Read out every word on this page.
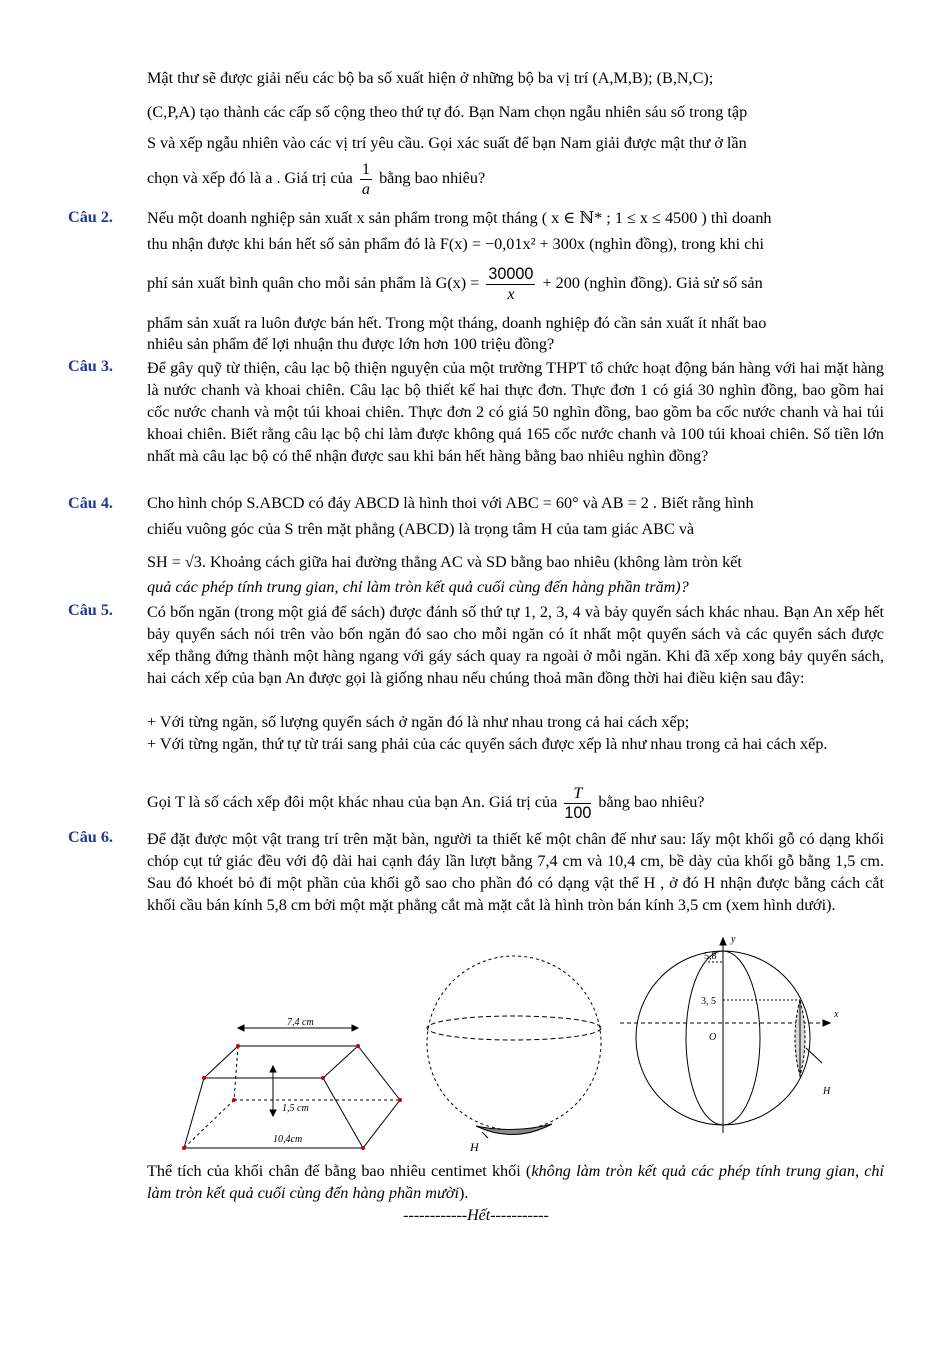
Mật thư sẽ được giải nếu các bộ ba số xuất hiện ở những bộ ba vị trí (A,M,B); (B,N,C);
(C,P,A) tạo thành các cấp số cộng theo thứ tự đó. Bạn Nam chọn ngẫu nhiên sáu số trong tập
S và xếp ngẫu nhiên vào các vị trí yêu cầu. Gọi xác suất để bạn Nam giải được mật thư ở lần
chọn và xếp đó là a . Giá trị của $\frac{1}{a}$ bằng bao nhiêu?
Câu 2. Nếu một doanh nghiệp sản xuất x sản phẩm trong một tháng ( x ∈ ℕ* ; 1 ≤ x ≤ 4500 ) thì doanh
thu nhận được khi bán hết số sản phẩm đó là F(x) = −0,01x² + 300x (nghìn đồng), trong khi chi
phí sản xuất bình quân cho mỗi sản phẩm là $G(x) = \frac{30000}{x} + 200$ (nghìn đồng). Giả sử số sản
phẩm sản xuất ra luôn được bán hết. Trong một tháng, doanh nghiệp đó cần sản xuất ít nhất bao
nhiêu sản phẩm để lợi nhuận thu được lớn hơn 100 triệu đồng?
Câu 3. Để gây quỹ từ thiện, câu lạc bộ thiện nguyện của một trường THPT tổ chức hoạt động bán hàng với hai mặt hàng là nước chanh và khoai chiên. Câu lạc bộ thiết kế hai thực đơn. Thực đơn 1 có giá 30 nghìn đồng, bao gồm hai cốc nước chanh và một túi khoai chiên. Thực đơn 2 có giá 50 nghìn đồng, bao gồm ba cốc nước chanh và hai túi khoai chiên. Biết rằng câu lạc bộ chỉ làm được không quá 165 cốc nước chanh và 100 túi khoai chiên. Số tiền lớn nhất mà câu lạc bộ có thể nhận được sau khi bán hết hàng bằng bao nhiêu nghìn đồng?
Câu 4. Cho hình chóp S.ABCD có đáy ABCD là hình thoi với ABC = 60° và AB = 2 . Biết rằng hình
chiếu vuông góc của S trên mặt phẳng (ABCD) là trọng tâm H của tam giác ABC và
SH = √3. Khoảng cách giữa hai đường thẳng AC và SD bằng bao nhiêu (không làm tròn kết
quả các phép tính trung gian, chỉ làm tròn kết quả cuối cùng đến hàng phần trăm)?
Câu 5. Có bốn ngăn (trong một giá để sách) được đánh số thứ tự 1, 2, 3, 4 và bảy quyển sách khác nhau. Bạn An xếp hết bảy quyển sách nói trên vào bốn ngăn đó sao cho mỗi ngăn có ít nhất một quyển sách và các quyển sách được xếp thẳng đứng thành một hàng ngang với gáy sách quay ra ngoài ở mỗi ngăn. Khi đã xếp xong bảy quyển sách, hai cách xếp của bạn An được gọi là giống nhau nếu chúng thoả mãn đồng thời hai điều kiện sau đây:
+ Với từng ngăn, số lượng quyển sách ở ngăn đó là như nhau trong cả hai cách xếp;
+ Với từng ngăn, thứ tự từ trái sang phải của các quyển sách được xếp là như nhau trong cả hai cách xếp.
Gọi T là số cách xếp đôi một khác nhau của bạn An. Giá trị của $\frac{T}{100}$ bằng bao nhiêu?
Câu 6. Để đặt được một vật trang trí trên mặt bàn, người ta thiết kế một chân đế như sau: lấy một khối gỗ có dạng khối chóp cụt tứ giác đều với độ dài hai cạnh đáy lần lượt bằng 7,4 cm và 10,4 cm, bề dày của khối gỗ bằng 1,5 cm. Sau đó khoét bỏ đi một phần của khối gỗ sao cho phần đó có dạng vật thể H , ở đó H nhận được bằng cách cắt khối cầu bán kính 5,8 cm bởi một mặt phẳng cắt mà mặt cắt là hình tròn bán kính 3,5 cm (xem hình dưới).
7,4 cm
1,5 cm
10,4cm
H
y
x
5,8
3, 5
O
H
Thể tích của khối chân đế bằng bao nhiêu centimet khối (không làm tròn kết quả các phép tính trung gian, chỉ làm tròn kết quả cuối cùng đến hàng phần mười).
------------Hết-----------
